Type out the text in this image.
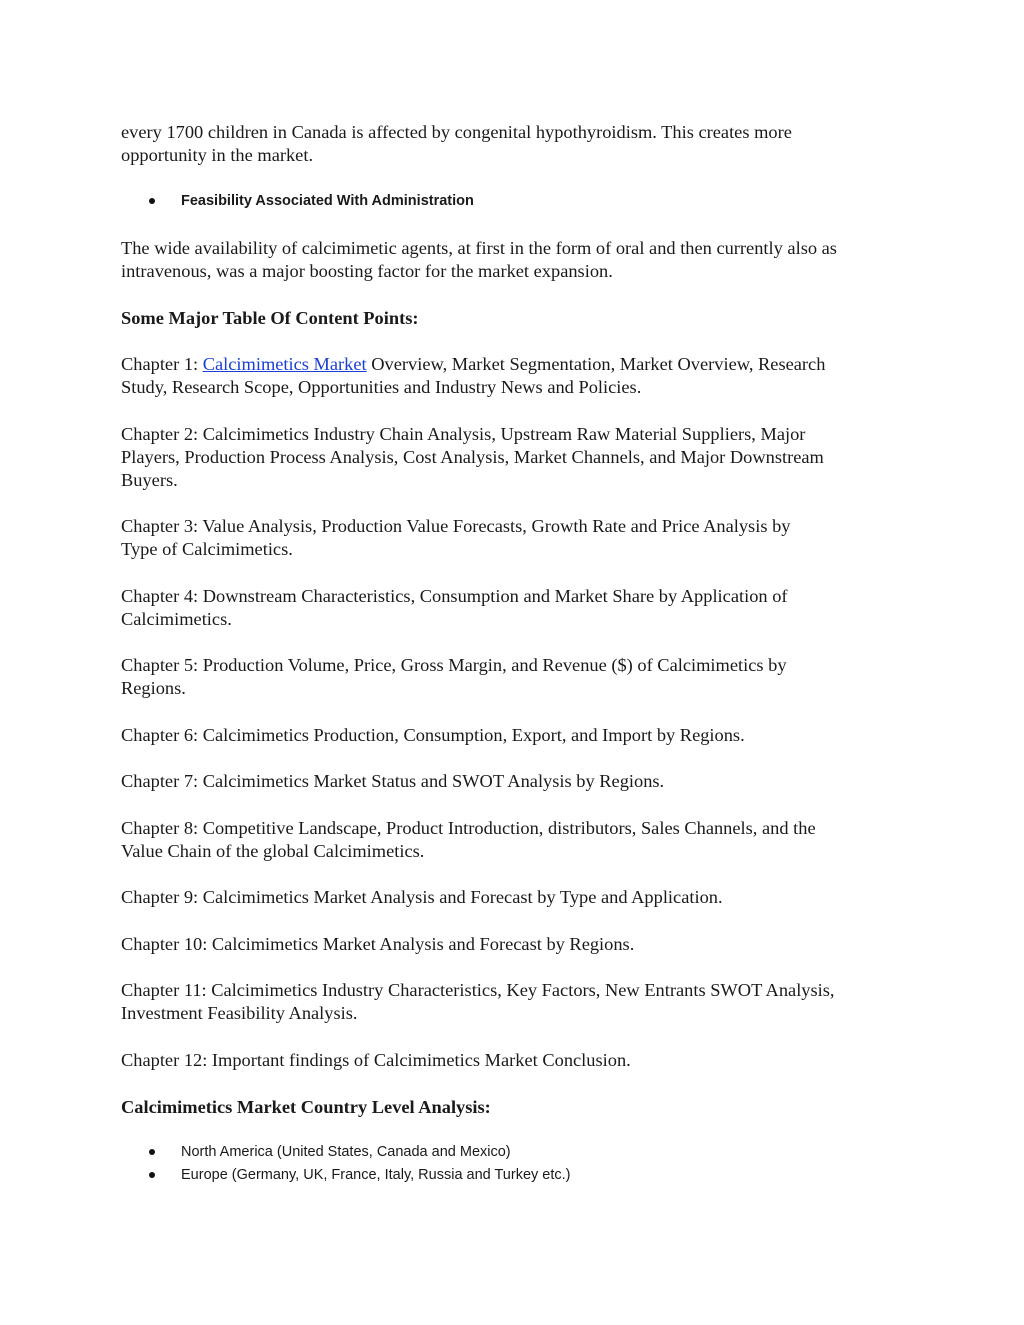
every 1700 children in Canada is affected by congenital hypothyroidism. This creates more
opportunity in the market.
Feasibility Associated With Administration
The wide availability of calcimimetic agents, at first in the form of oral and then currently also as
intravenous, was a major boosting factor for the market expansion.
Some Major Table Of Content Points:
Chapter 1: Calcimimetics Market Overview, Market Segmentation, Market Overview, Research
Study, Research Scope, Opportunities and Industry News and Policies.
Chapter 2: Calcimimetics Industry Chain Analysis, Upstream Raw Material Suppliers, Major
Players, Production Process Analysis, Cost Analysis, Market Channels, and Major Downstream
Buyers.
Chapter 3: Value Analysis, Production Value Forecasts, Growth Rate and Price Analysis by
Type of Calcimimetics.
Chapter 4: Downstream Characteristics, Consumption and Market Share by Application of
Calcimimetics.
Chapter 5: Production Volume, Price, Gross Margin, and Revenue ($) of Calcimimetics by
Regions.
Chapter 6: Calcimimetics Production, Consumption, Export, and Import by Regions.
Chapter 7: Calcimimetics Market Status and SWOT Analysis by Regions.
Chapter 8: Competitive Landscape, Product Introduction, distributors, Sales Channels, and the
Value Chain of the global Calcimimetics.
Chapter 9: Calcimimetics Market Analysis and Forecast by Type and Application.
Chapter 10: Calcimimetics Market Analysis and Forecast by Regions.
Chapter 11: Calcimimetics Industry Characteristics, Key Factors, New Entrants SWOT Analysis,
Investment Feasibility Analysis.
Chapter 12: Important findings of Calcimimetics Market Conclusion.
Calcimimetics Market Country Level Analysis:
North America (United States, Canada and Mexico)
Europe (Germany, UK, France, Italy, Russia and Turkey etc.)
